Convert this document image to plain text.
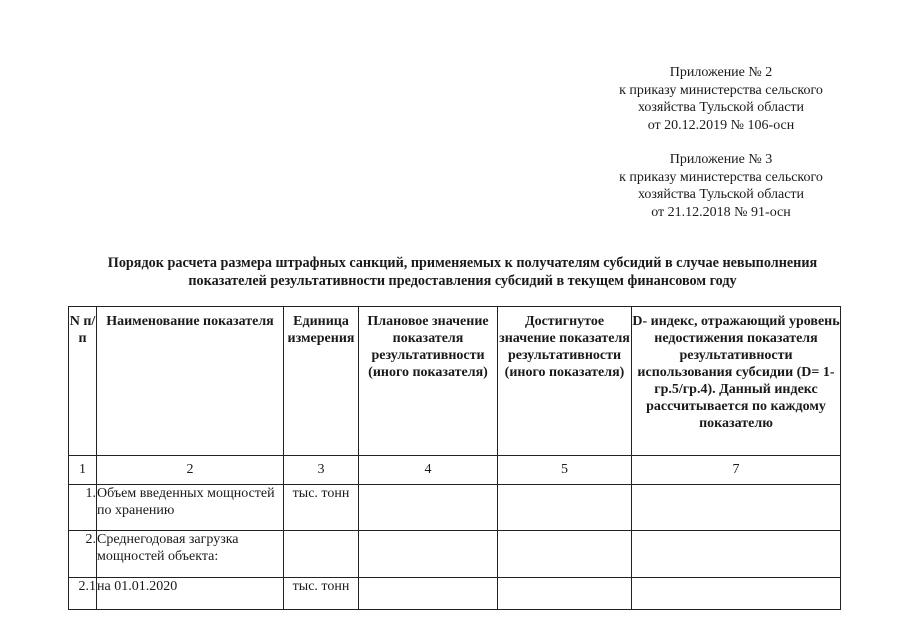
Приложение № 2
к приказу министерства сельского
хозяйства Тульской области
от 20.12.2019 № 106-осн
Приложение № 3
к приказу министерства сельского
хозяйства Тульской области
от 21.12.2018 № 91-осн
Порядок расчета размера штрафных санкций, применяемых к получателям субсидий в случае невыполнения
показателей результативности предоставления субсидий в текущем финансовом году
N п/п	Наименование показателя	Единица измерения	Плановое значение показателя результативности (иного показателя)	Достигнутое значение показателя результативности (иного показателя)	D- индекс, отражающий уровень недостижения показателя результативности использования субсидии (D= 1-гр.5/гр.4). Данный индекс рассчитывается по каждому показателю
1	2	3	4	5	7
1.	Объем введенных мощностей по хранению	тыс. тонн			
2.	Среднегодовая загрузка мощностей объекта:				
2.1	на 01.01.2020	тыс. тонн			
